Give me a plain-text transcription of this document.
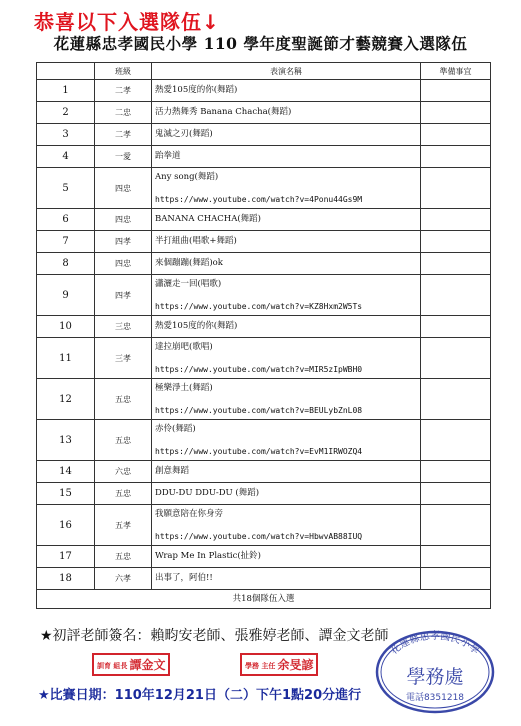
恭喜以下入選隊伍↓
花蓮縣忠孝國民小學 110 學年度聖誕節才藝競賽入選隊伍
	班級	表演名稱	準備事宜
1	二孝	熱愛105度的你(舞蹈)	

2	二忠	活力熱舞秀 Banana Chacha(舞蹈)	

3	二孝	鬼滅之刃(舞蹈)	

4	一愛	跆拳道	

5	四忠	Any song(舞蹈)
https://www.youtube.com/watch?v=4Ponu44Gs9M	

6	四忠	BANANA CHACHA(舞蹈)	

7	四孝	半打組曲(唱歌+舞蹈)	

8	四忠	來個蹦蹦(舞蹈)ok	

9	四孝	瀟灑走一回(唱歌)
https://www.youtube.com/watch?v=KZ8Hxm2W5Ts	

10	三忠	熱愛105度的你(舞蹈)	

11	三孝	達拉崩吧(歌唱)
https://www.youtube.com/watch?v=MIR5zIpWBH0	

12	五忠	極樂淨土(舞蹈)
https://www.youtube.com/watch?v=BEULybZnL08	

13	五忠	赤伶(舞蹈)
https://www.youtube.com/watch?v=EvM1IRWOZQ4	

14	六忠	創意舞蹈	

15	五忠	DDU-DU DDU-DU (舞蹈)	

16	五孝	我願意陪在你身旁
https://www.youtube.com/watch?v=HbwvAB88IUQ	

17	五忠	Wrap Me In Plastic(扯鈴)	

18	六孝	出事了，阿伯!!	

共18個隊伍入選			
★初評老師簽名：賴畇安老師、張雅婷老師、譚金文老師
訓育 組長 譚金文	學務 主任 余旻諺
★比賽日期：110年12月21日（二）下午1點20分進行
花蓮縣忠孝國民小學
學務處
電話8351218
